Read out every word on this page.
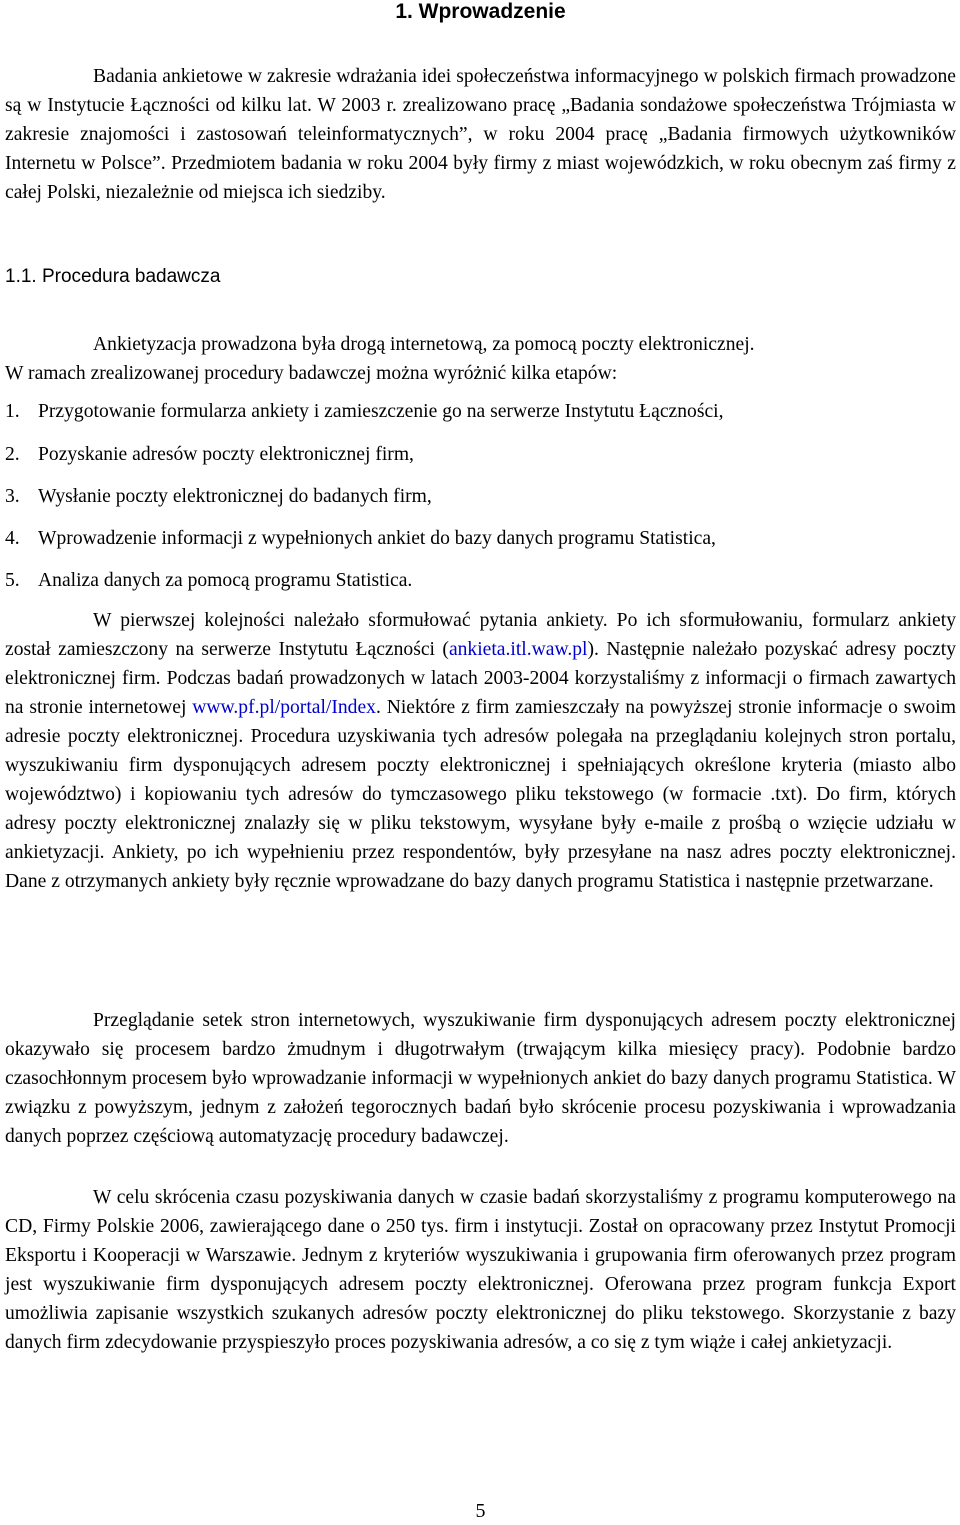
1. Wprowadzenie

Badania ankietowe w zakresie wdrażania idei społeczeństwa informacyjnego w polskich firmach prowadzone są w Instytucie Łączności od kilku lat. W 2003 r. zrealizowano pracę „Badania sondażowe społeczeństwa Trójmiasta w zakresie znajomości i zastosowań teleinformatycznych”, w roku 2004 pracę „Badania firmowych użytkowników Internetu w Polsce”. Przedmiotem badania w roku 2004 były firmy z miast wojewódzkich, w roku obecnym zaś firmy z całej Polski, niezależnie od miejsca ich siedziby.

1.1. Procedura badawcza

Ankietyzacja prowadzona była drogą internetową, za pomocą poczty elektronicznej.

W ramach zrealizowanej procedury badawczej można wyróżnić kilka etapów:

1. Przygotowanie formularza ankiety i zamieszczenie go na serwerze Instytutu Łączności,
2. Pozyskanie adresów poczty elektronicznej firm,
3. Wysłanie poczty elektronicznej do badanych firm,
4. Wprowadzenie informacji z wypełnionych ankiet do bazy danych programu Statistica,
5. Analiza danych za pomocą programu Statistica.

W pierwszej kolejności należało sformułować pytania ankiety. Po ich sformułowaniu, formularz ankiety został zamieszczony na serwerze Instytutu Łączności (ankieta.itl.waw.pl). Następnie należało pozyskać adresy poczty elektronicznej firm. Podczas badań prowadzonych w latach 2003-2004 korzystaliśmy z informacji o firmach zawartych na stronie internetowej www.pf.pl/portal/Index. Niektóre z firm zamieszczały na powyższej stronie informacje o swoim adresie poczty elektronicznej. Procedura uzyskiwania tych adresów polegała na przeglądaniu kolejnych stron portalu, wyszukiwaniu firm dysponujących adresem poczty elektronicznej i spełniających określone kryteria (miasto albo województwo) i kopiowaniu tych adresów do tymczasowego pliku tekstowego (w formacie .txt). Do firm, których adresy poczty elektronicznej znalazły się w pliku tekstowym, wysyłane były e-maile z prośbą o wzięcie udziału w ankietyzacji. Ankiety, po ich wypełnieniu przez respondentów, były przesyłane na nasz adres poczty elektronicznej. Dane z otrzymanych ankiety były ręcznie wprowadzane do bazy danych programu Statistica i następnie przetwarzane.

Przeglądanie setek stron internetowych, wyszukiwanie firm dysponujących adresem poczty elektronicznej okazywało się procesem bardzo żmudnym i długotrwałym (trwającym kilka miesięcy pracy). Podobnie bardzo czasochłonnym procesem było wprowadzanie informacji w wypełnionych ankiet do bazy danych programu Statistica. W związku z powyższym, jednym z założeń tegorocznych badań było skrócenie procesu pozyskiwania i wprowadzania danych poprzez częściową automatyzację procedury badawczej.

W celu skrócenia czasu pozyskiwania danych w czasie badań skorzystaliśmy z programu komputerowego na CD, Firmy Polskie 2006, zawierającego dane o 250 tys. firm i instytucji. Został on opracowany przez Instytut Promocji Eksportu i Kooperacji w Warszawie. Jednym z kryteriów wyszukiwania i grupowania firm oferowanych przez program jest wyszukiwanie firm dysponujących adresem poczty elektronicznej. Oferowana przez program funkcja Export umożliwia zapisanie wszystkich szukanych adresów poczty elektronicznej do pliku tekstowego. Skorzystanie z bazy danych firm zdecydowanie przyspieszyło proces pozyskiwania adresów, a co się z tym wiąże i całej ankietyzacji.

5
